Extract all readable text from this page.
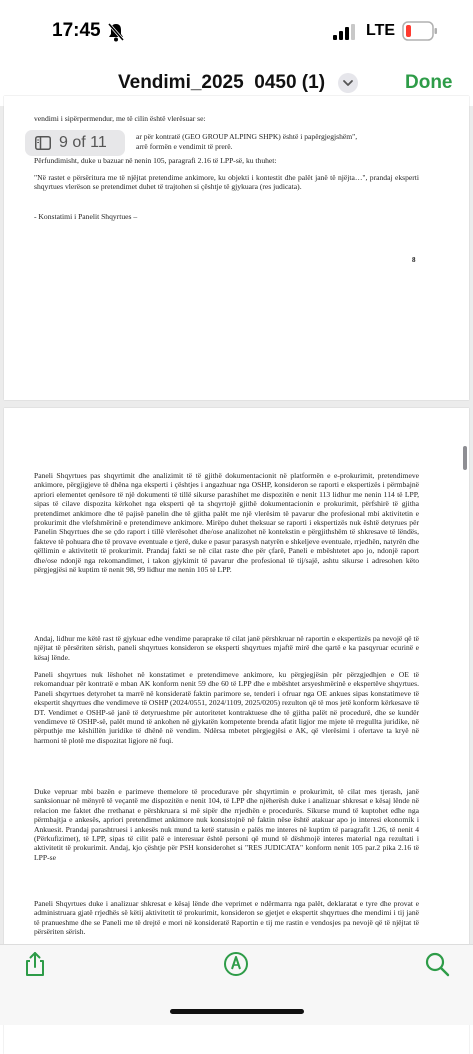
17:45	LTE
Vendimi_2025  0450 (1)	Done

vendimi i sipërpermendur, me të cilin është vlerësuar se:

ar për kontratë (GEO GROUP ALPING SHPK) është i papërgjegjshëm",

arrë formën e vendimit të prerë.

Përfundimisht, duke u bazuar në nenin 105, paragrafi 2.16 të LPP-së, ku thuhet:

"Në rastet e përsëritura me të njëjtat pretendime ankimore, ku objekti i kontestit dhe palët janë të njëjta…", prandaj eksperti shqyrtues vlerëson se pretendimet duhet të trajtohen si çështje të gjykuara (res judicata).

- Konstatimi i Panelit Shqyrtues –

8

Paneli Shqyrtues pas shqyrtimit dhe analizimit të të gjithë dokumentacionit në platformën e e-prokurimit, pretendimeve ankimore, përgjigjeve të dhëna nga eksperti i çështjes i angazhuar nga OSHP, konsideron se raporti e ekspertizës i përmbajnë apriori elementet qenësore të një dokumenti të tillë sikurse parashihet me dispozitën e nenit 113 lidhur me nenin 114 të LPP, sipas të cilave dispozita kërkohet nga eksperti që ta shqyrtojë gjithë dokumentacionin e prokurimit, përfshirë të gjitha pretendimet ankimore dhe të pajisë panelin dhe të gjitha palët me një vlerësim të pavarur dhe profesional mbi aktivitetin e prokurimit dhe vlefshmërinë e pretendimeve ankimore. Mirëpo duhet theksuar se raporti i ekspertizës nuk është detyrues për Panelin Shqyrtues dhe se çdo raport i tillë vlerësohet dhe/ose analizohet në kontekstin e përgjithshëm të shkresave të lëndës, fakteve të pohuara dhe të provave eventuale e tjerë, duke e pasur parasysh natyrën e shkeljeve eventuale, rrjedhën, natyrën dhe qëllimin e aktivitetit të prokurimit. Prandaj fakti se në cilat raste dhe për çfarë, Paneli e mbështetet apo jo, ndonjë raport dhe/ose ndonjë nga rekomandimet, i takon gjykimit të pavarur dhe profesional të tij/sajë, ashtu sikurse i adresohen këto përgjegjësi në kuptim të nenit 98, 99 lidhur me nenin 105 të LPP.

Andaj, lidhur me këtë rast të gjykuar edhe vendime paraprake të cilat janë përshkruar në raportin e ekspertizës pa nevojë që të njëjtat të përsëriten sërish, paneli shqyrtues konsideron se eksperti shqyrtues mjaftë mirë dhe qartë e ka pasqyruar ecurinë e kësaj lënde.

Paneli shqyrtues nuk lëshohet në konstatimet e pretendimeve ankimore, ku përgjegjësin për përzgjedhjen e OE të rekomanduar për kontratë e mban AK konform nenit 59 dhe 60 të LPP dhe e mbështet arsyeshmërinë e ekspertëve shqyrtues. Paneli shqyrtues detyrohet ta marrë në konsideratë faktin parimore se, tenderi i ofruar nga OE ankues sipas konstatimeve të ekspertit shqyrtues dhe vendimeve të OSHP (2024/0551, 2024/1109, 2025/0205) rezulton që të mos jetë konform kërkesave të DT. Vendimet e OSHP-së janë të detyrueshme për autoritetet kontraktuese dhe të gjitha palët në procedurë, dhe se kundër vendimeve të OSHP-së, palët mund të ankohen në gjykatën kompetente brenda afatit ligjor me mjete të rregullta juridike, në përputhje me këshillën juridike të dhënë në vendim. Ndërsa mbetet përgjegjësi e AK, që vlerësimi i ofertave ta kryë në harmoni të plotë me dispozitat ligjore në fuqi.

Duke vepruar mbi bazën e parimeve themelore të procedurave për shqyrtimin e prokurimit, të cilat mes tjerash, janë sanksionuar në mënyrë të veçantë me dispozitën e nenit 104, të LPP dhe njëherësh duke i analizuar shkresat e kësaj lënde në relacion me faktet dhe rrethanat e përshkruara si më sipër dhe rrjedhën e procedurës. Sikurse mund të kuptohet edhe nga përmbajtja e ankesës, apriori pretendimet ankimore nuk konsistojnë në faktin nëse është atakuar apo jo interesi ekonomik i Ankuesit. Prandaj parashtruesi i ankesës nuk mund ta ketë statusin e palës me interes në kuptim të paragrafit 1.26, të nenit 4 (Përkufizimet), të LPP, sipas të cilit palë e interesuar është personi që mund të dëshmojë interes material nga rezultati i aktivitetit të prokurimit. Andaj, kjo çështje për PSH konsiderohet si "RES JUDICATA" konform nenit 105 par.2 pika 2.16 të LPP-se

Paneli Shqyrtues duke i analizuar shkresat e kësaj lënde dhe veprimet e ndërmarra nga palët, deklaratat e tyre dhe provat e administruara gjatë rrjedhës së këtij aktivitetit të prokurimit, konsideron se gjetjet e ekspertit shqyrtues dhe mendimi i tij janë të pranueshme dhe se Paneli me të drejtë e mori në konsideratë Raportin e tij me rastin e vendosjes pa nevojë që të njëjtat të përsëriten sërish.

9 of 11
